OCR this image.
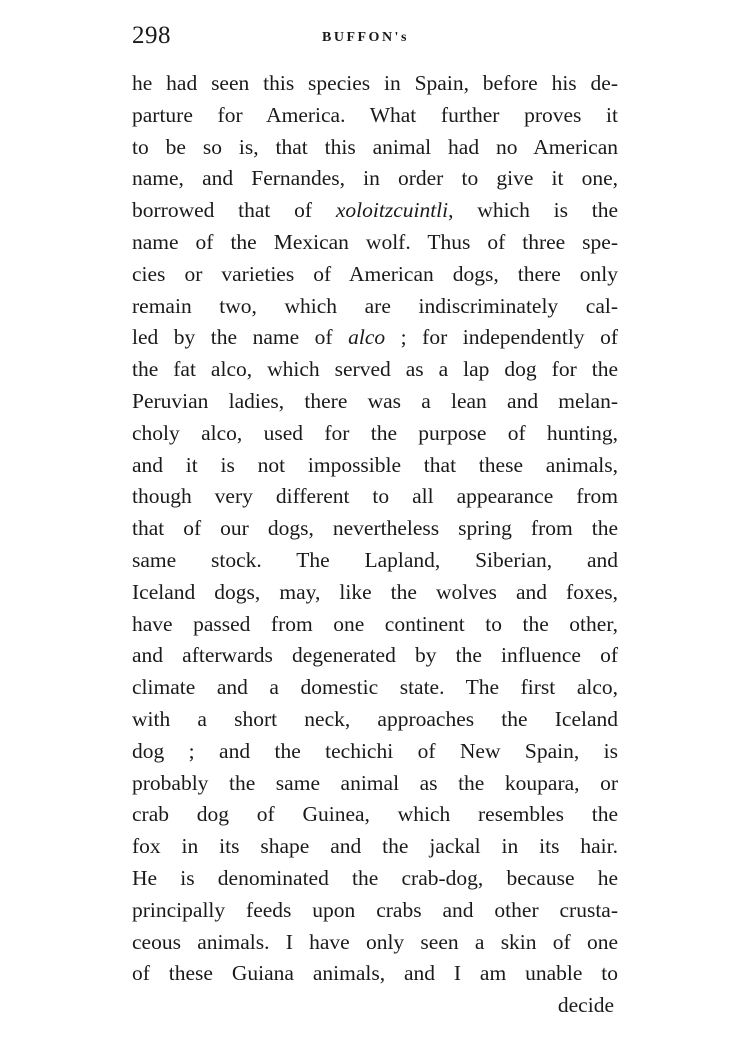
298	BUFFON's
he had seen this species in Spain, before his de-
parture for America. What further proves it
to be so is, that this animal had no American
name, and Fernandes, in order to give it one,
borrowed that of xoloitzcuintli, which is the
name of the Mexican wolf. Thus of three spe-
cies or varieties of American dogs, there only
remain two, which are indiscriminately cal-
led by the name of alco ; for independently of
the fat alco, which served as a lap dog for the
Peruvian ladies, there was a lean and melan-
choly alco, used for the purpose of hunting,
and it is not impossible that these animals,
though very different to all appearance from
that of our dogs, nevertheless spring from the
same stock. The Lapland, Siberian, and
Iceland dogs, may, like the wolves and foxes,
have passed from one continent to the other,
and afterwards degenerated by the influence of
climate and a domestic state. The first alco,
with a short neck, approaches the Iceland
dog ; and the techichi of New Spain, is
probably the same animal as the koupara, or
crab dog of Guinea, which resembles the
fox in its shape and the jackal in its hair.
He is denominated the crab-dog, because he
principally feeds upon crabs and other crusta-
ceous animals. I have only seen a skin of one
of these Guiana animals, and I am unable to
decide
